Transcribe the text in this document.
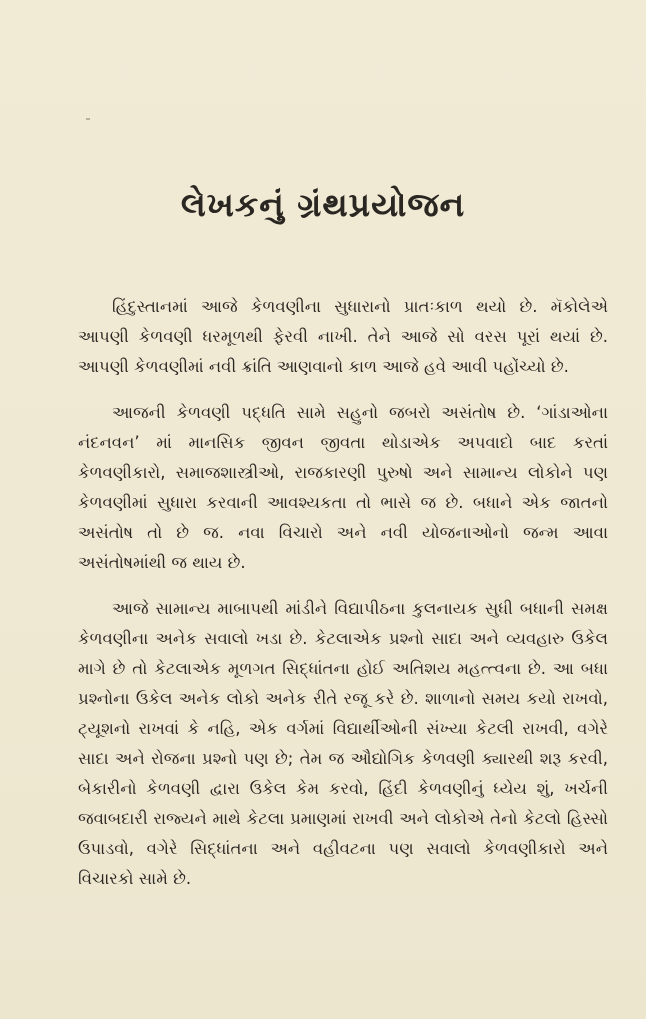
લેખકનું ગ્રંથપ્રયોજન

હિંદુસ્તાનમાં આજે કેળવણીના સુધારાનો પ્રાતઃકાળ થયો છે. મૅકોલેએ આપણી કેળવણી ધરમૂળથી ફેરવી નાખી. તેને આજે સો વરસ પૂરાં થયાં છે. આપણી કેળવણીમાં નવી ક્રાંતિ આણવાનો કાળ આજે હવે આવી પહોંચ્યો છે.

આજની કેળવણી પદ્ધતિ સામે સહુનો જબરો અસંતોષ છે. ‘ગાંડાઓના નંદનવન’ માં માનસિક જીવન જીવતા થોડાએક અપવાદો બાદ કરતાં કેળવણીકારો, સમાજશાસ્ત્રીઓ, રાજકારણી પુરુષો અને સામાન્ય લોકોને પણ કેળવણીમાં સુધારા કરવાની આવશ્યકતા તો ભાસે જ છે. બધાને એક જાતનો અસંતોષ તો છે જ. નવા વિચારો અને નવી યોજનાઓનો જન્મ આવા અસંતોષમાંથી જ થાય છે.

આજે સામાન્ય માબાપથી માંડીને વિદ્યાપીઠના કુલનાયક સુધી બધાની સમક્ષ કેળવણીના અનેક સવાલો ખડા છે. કેટલાએક પ્રશ્નો સાદા અને વ્યવહારુ ઉકેલ માગે છે તો કેટલાએક મૂળગત સિદ્ધાંતના હોઈ અતિશય મહત્ત્વના છે. આ બધા પ્રશ્નોના ઉકેલ અનેક લોકો અનેક રીતે રજૂ કરે છે. શાળાનો સમય કયો રાખવો, ટ્યૂશનો રાખવાં કે નહિ, એક વર્ગમાં વિદ્યાર્થીઓની સંખ્યા કેટલી રાખવી, વગેરે સાદા અને રોજના પ્રશ્નો પણ છે; તેમ જ ઔદ્યોગિક કેળવણી ક્યારથી શરૂ કરવી, બેકારીનો કેળવણી દ્વારા ઉકેલ કેમ કરવો, હિંદી કેળવણીનું ધ્યેય શું, ખર્ચની જવાબદારી રાજ્યને માથે કેટલા પ્રમાણમાં રાખવી અને લોકોએ તેનો કેટલો હિસ્સો ઉપાડવો, વગેરે સિદ્ધાંતના અને વહીવટના પણ સવાલો કેળવણીકારો અને વિચારકો સામે છે.
